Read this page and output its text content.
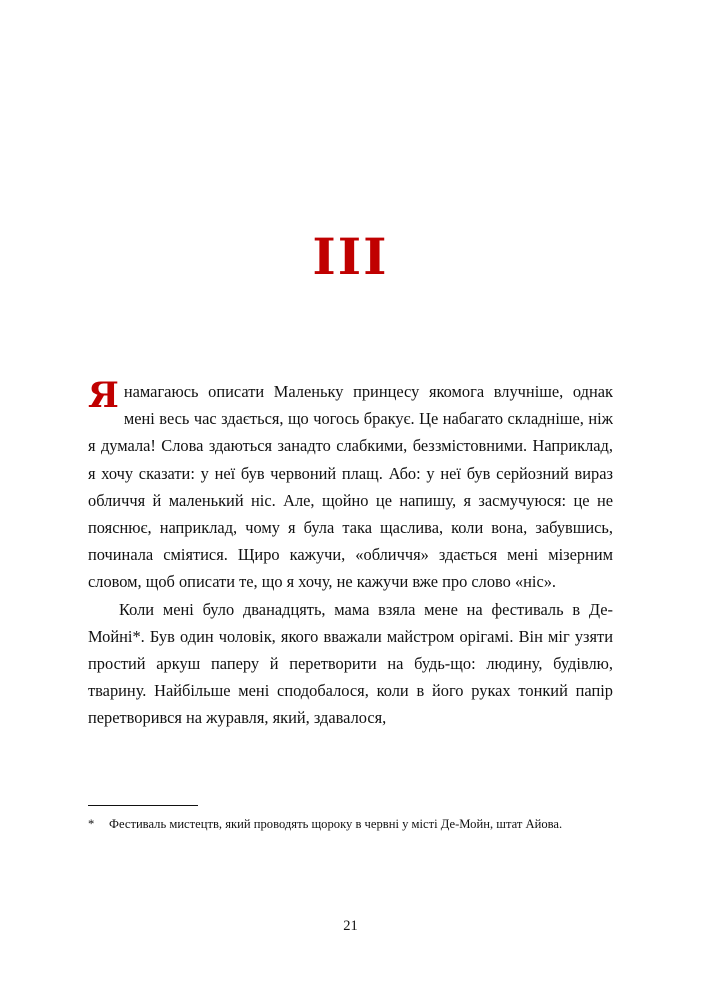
III

Янамагаюсь описати Маленьку принцесу якомога влучніше, однак мені весь час здається, що чогось бракує. Це набагато складніше, ніж я думала! Слова здаються занадто слабкими, беззмістовними. Наприклад, я хочу сказати: у неї був червоний плащ. Або: у неї був серйозний вираз обличчя й маленький ніс. Але, щойно це напишу, я засмучуюся: це не пояснює, наприклад, чому я була така щаслива, коли вона, забувшись, починала сміятися. Щиро кажучи, «обличчя» здається мені мізерним словом, щоб описати те, що я хочу, не кажучи вже про слово «ніс».

Коли мені було дванадцять, мама взяла мене на фестиваль в Де-Мойні*. Був один чоловік, якого вважали майстром орігамі. Він міг узяти простий аркуш паперу й перетворити на будь-що: людину, будівлю, тварину. Найбільше мені сподобалося, коли в його руках тонкий папір перетворився на журавля, який, здавалося,

* Фестиваль мистецтв, який проводять щороку в червні у місті Де-Мойн, штат Айова.
21
